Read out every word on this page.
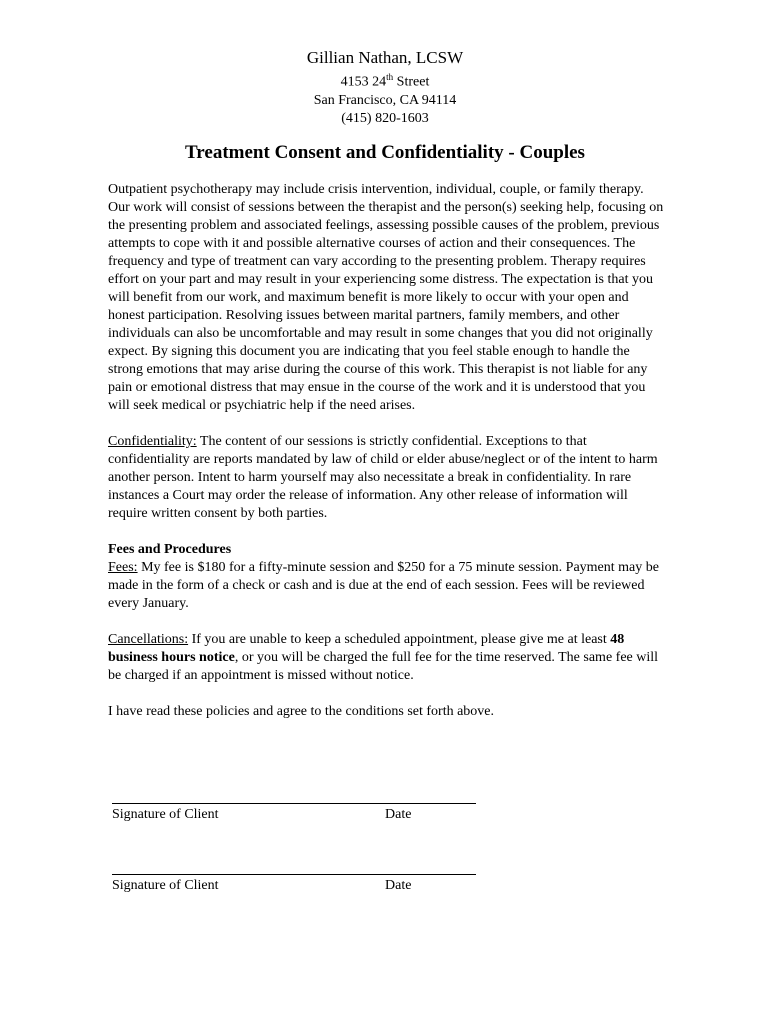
Gillian Nathan, LCSW
4153 24th Street
San Francisco, CA 94114
(415) 820-1603
Treatment Consent and Confidentiality - Couples

Outpatient psychotherapy may include crisis intervention, individual, couple, or family therapy. Our work will consist of sessions between the therapist and the person(s) seeking help, focusing on the presenting problem and associated feelings, assessing possible causes of the problem, previous attempts to cope with it and possible alternative courses of action and their consequences. The frequency and type of treatment can vary according to the presenting problem. Therapy requires effort on your part and may result in your experiencing some distress. The expectation is that you will benefit from our work, and maximum benefit is more likely to occur with your open and honest participation. Resolving issues between marital partners, family members, and other individuals can also be uncomfortable and may result in some changes that you did not originally expect. By signing this document you are indicating that you feel stable enough to handle the strong emotions that may arise during the course of this work. This therapist is not liable for any pain or emotional distress that may ensue in the course of the work and it is understood that you will seek medical or psychiatric help if the need arises.

Confidentiality: The content of our sessions is strictly confidential. Exceptions to that confidentiality are reports mandated by law of child or elder abuse/neglect or of the intent to harm another person. Intent to harm yourself may also necessitate a break in confidentiality. In rare instances a Court may order the release of information. Any other release of information will require written consent by both parties.

Fees and Procedures

Fees: My fee is $180 for a fifty-minute session and $250 for a 75 minute session. Payment may be made in the form of a check or cash and is due at the end of each session. Fees will be reviewed every January.

Cancellations: If you are unable to keep a scheduled appointment, please give me at least 48 business hours notice, or you will be charged the full fee for the time reserved. The same fee will be charged if an appointment is missed without notice.

I have read these policies and agree to the conditions set forth above.

Signature of Client	Date
Signature of Client	Date
